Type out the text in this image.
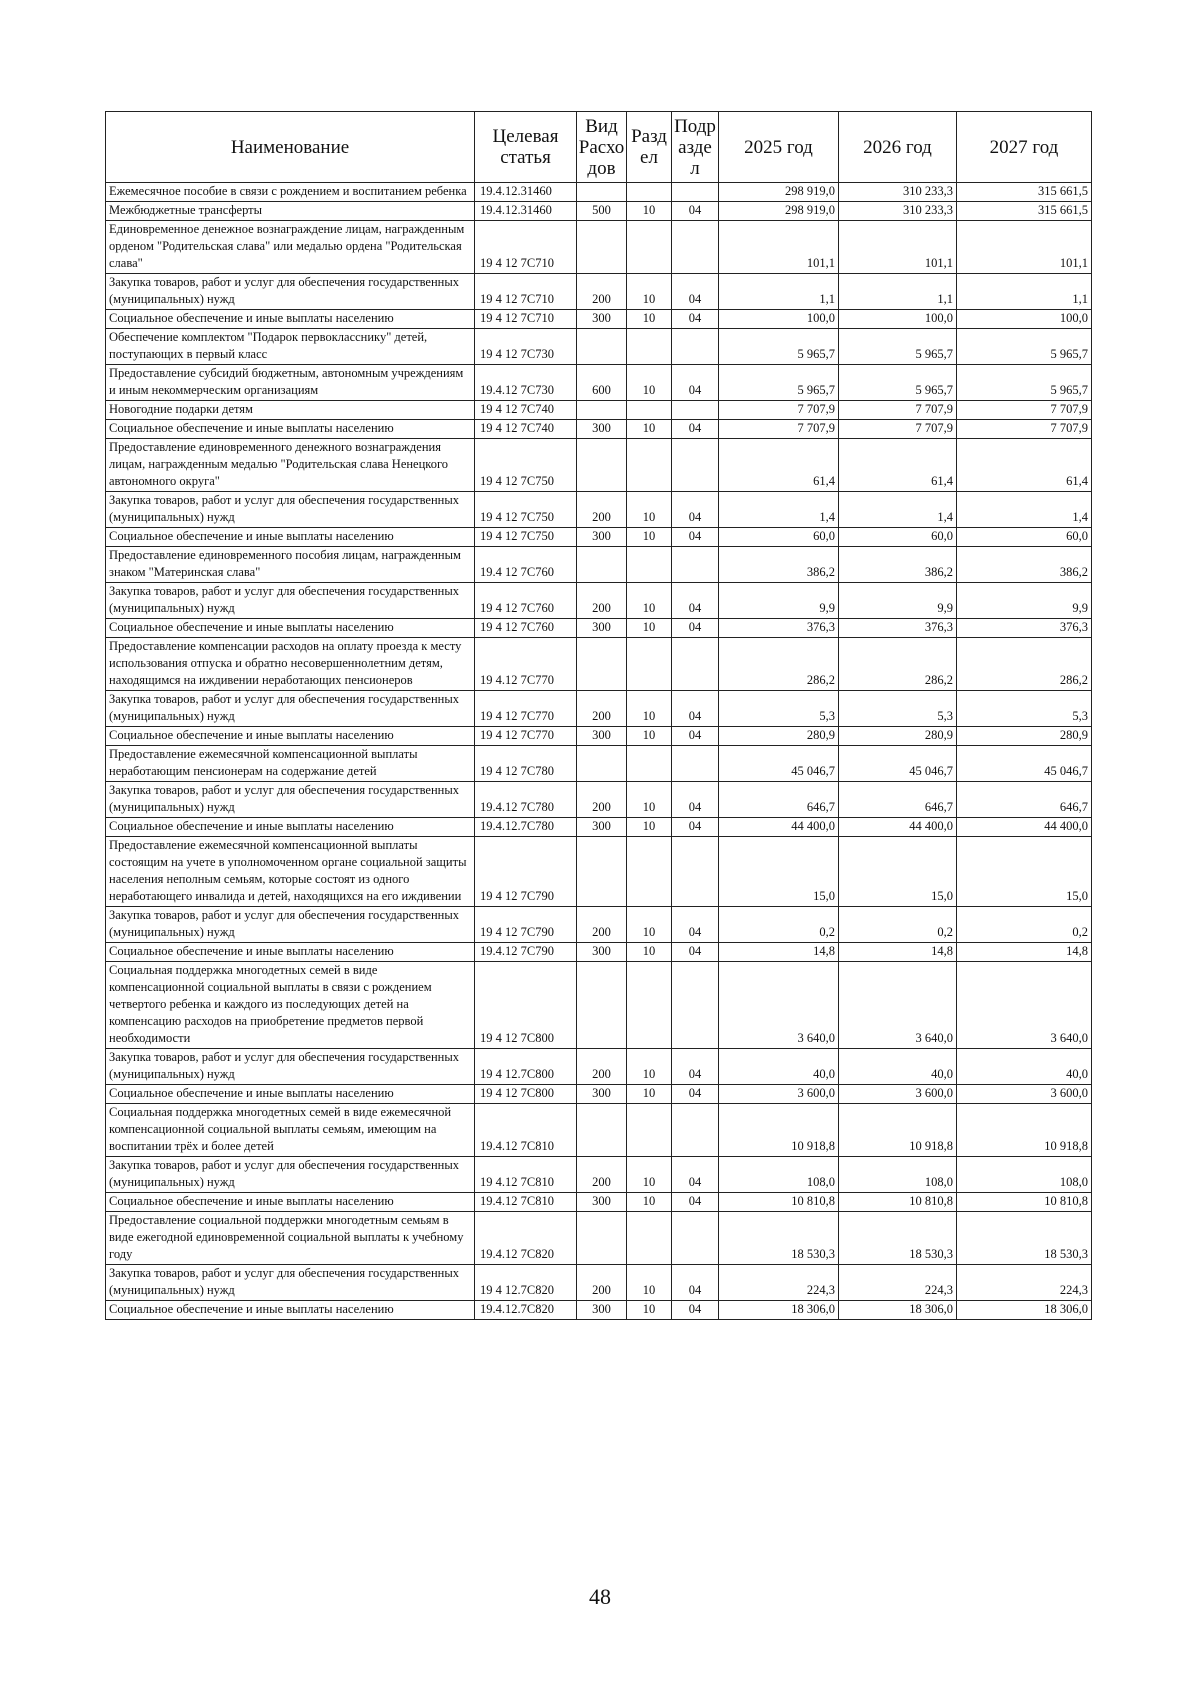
Наименование	Целевая статья	Вид Расхо дов	Разд ел	Подр азде л	2025 год	2026 год	2027 год
Ежемесячное пособие в связи с рождением и воспитанием ребенка	19.4.12.31460				298 919,0	310 233,3	315 661,5
Межбюджетные трансферты	19.4.12.31460	500	10	04	298 919,0	310 233,3	315 661,5
Единовременное денежное вознаграждение лицам, награжденным орденом "Родительская слава" или медалью ордена "Родительская слава"	19 4 12 7С710				101,1	101,1	101,1
Закупка товаров, работ и услуг для обеспечения государственных (муниципальных) нужд	19 4 12 7С710	200	10	04	1,1	1,1	1,1
Социальное обеспечение и иные выплаты населению	19 4 12 7С710	300	10	04	100,0	100,0	100,0
Обеспечение комплектом "Подарок первокласснику" детей, поступающих в первый класс	19 4 12 7С730				5 965,7	5 965,7	5 965,7
Предоставление субсидий бюджетным, автономным учреждениям и иным некоммерческим организациям	19.4.12 7С730	600	10	04	5 965,7	5 965,7	5 965,7
Новогодние подарки детям	19 4 12 7С740				7 707,9	7 707,9	7 707,9
Социальное обеспечение и иные выплаты населению	19 4 12 7С740	300	10	04	7 707,9	7 707,9	7 707,9
Предоставление единовременного денежного вознаграждения лицам, награжденным медалью "Родительская слава Ненецкого автономного округа"	19 4 12 7С750				61,4	61,4	61,4
Закупка товаров, работ и услуг для обеспечения государственных (муниципальных) нужд	19 4 12 7С750	200	10	04	1,4	1,4	1,4
Социальное обеспечение и иные выплаты населению	19 4 12 7С750	300	10	04	60,0	60,0	60,0
Предоставление единовременного пособия лицам, награжденным знаком "Материнская слава"	19.4 12 7С760				386,2	386,2	386,2
Закупка товаров, работ и услуг для обеспечения государственных (муниципальных) нужд	19 4 12 7С760	200	10	04	9,9	9,9	9,9
Социальное обеспечение и иные выплаты населению	19 4 12 7С760	300	10	04	376,3	376,3	376,3
Предоставление компенсации расходов на оплату проезда к месту использования отпуска и обратно несовершеннолетним детям, находящимся на иждивении неработающих пенсионеров	19 4.12 7С770				286,2	286,2	286,2
Закупка товаров, работ и услуг для обеспечения государственных (муниципальных) нужд	19 4 12 7С770	200	10	04	5,3	5,3	5,3
Социальное обеспечение и иные выплаты населению	19 4 12 7С770	300	10	04	280,9	280,9	280,9
Предоставление ежемесячной компенсационной выплаты неработающим пенсионерам на содержание детей	19 4 12 7С780				45 046,7	45 046,7	45 046,7
Закупка товаров, работ и услуг для обеспечения государственных (муниципальных) нужд	19.4.12 7С780	200	10	04	646,7	646,7	646,7
Социальное обеспечение и иные выплаты населению	19.4.12.7С780	300	10	04	44 400,0	44 400,0	44 400,0
Предоставление ежемесячной компенсационной выплаты состоящим на учете в уполномоченном органе социальной защиты населения неполным семьям, которые состоят из одного неработающего инвалида и детей, находящихся на его иждивении	19 4 12 7С790				15,0	15,0	15,0
Закупка товаров, работ и услуг для обеспечения государственных (муниципальных) нужд	19 4 12 7С790	200	10	04	0,2	0,2	0,2
Социальное обеспечение и иные выплаты населению	19.4.12 7С790	300	10	04	14,8	14,8	14,8
Социальная поддержка многодетных семей в виде компенсационной социальной выплаты в связи с рождением четвертого ребенка и каждого из последующих детей на компенсацию расходов на приобретение предметов первой необходимости	19 4 12 7С800				3 640,0	3 640,0	3 640,0
Закупка товаров, работ и услуг для обеспечения государственных (муниципальных) нужд	19 4 12.7С800	200	10	04	40,0	40,0	40,0
Социальное обеспечение и иные выплаты населению	19 4 12 7С800	300	10	04	3 600,0	3 600,0	3 600,0
Социальная поддержка многодетных семей в виде ежемесячной компенсационной социальной выплаты семьям, имеющим на воспитании трёх и более детей	19.4.12 7С810				10 918,8	10 918,8	10 918,8
Закупка товаров, работ и услуг для обеспечения государственных (муниципальных) нужд	19 4.12 7С810	200	10	04	108,0	108,0	108,0
Социальное обеспечение и иные выплаты населению	19.4.12 7С810	300	10	04	10 810,8	10 810,8	10 810,8
Предоставление социальной поддержки многодетным семьям в виде ежегодной единовременной социальной выплаты к учебному году	19.4.12 7С820				18 530,3	18 530,3	18 530,3
Закупка товаров, работ и услуг для обеспечения государственных (муниципальных) нужд	19 4 12.7С820	200	10	04	224,3	224,3	224,3
Социальное обеспечение и иные выплаты населению	19.4.12.7С820	300	10	04	18 306,0	18 306,0	18 306,0
48
